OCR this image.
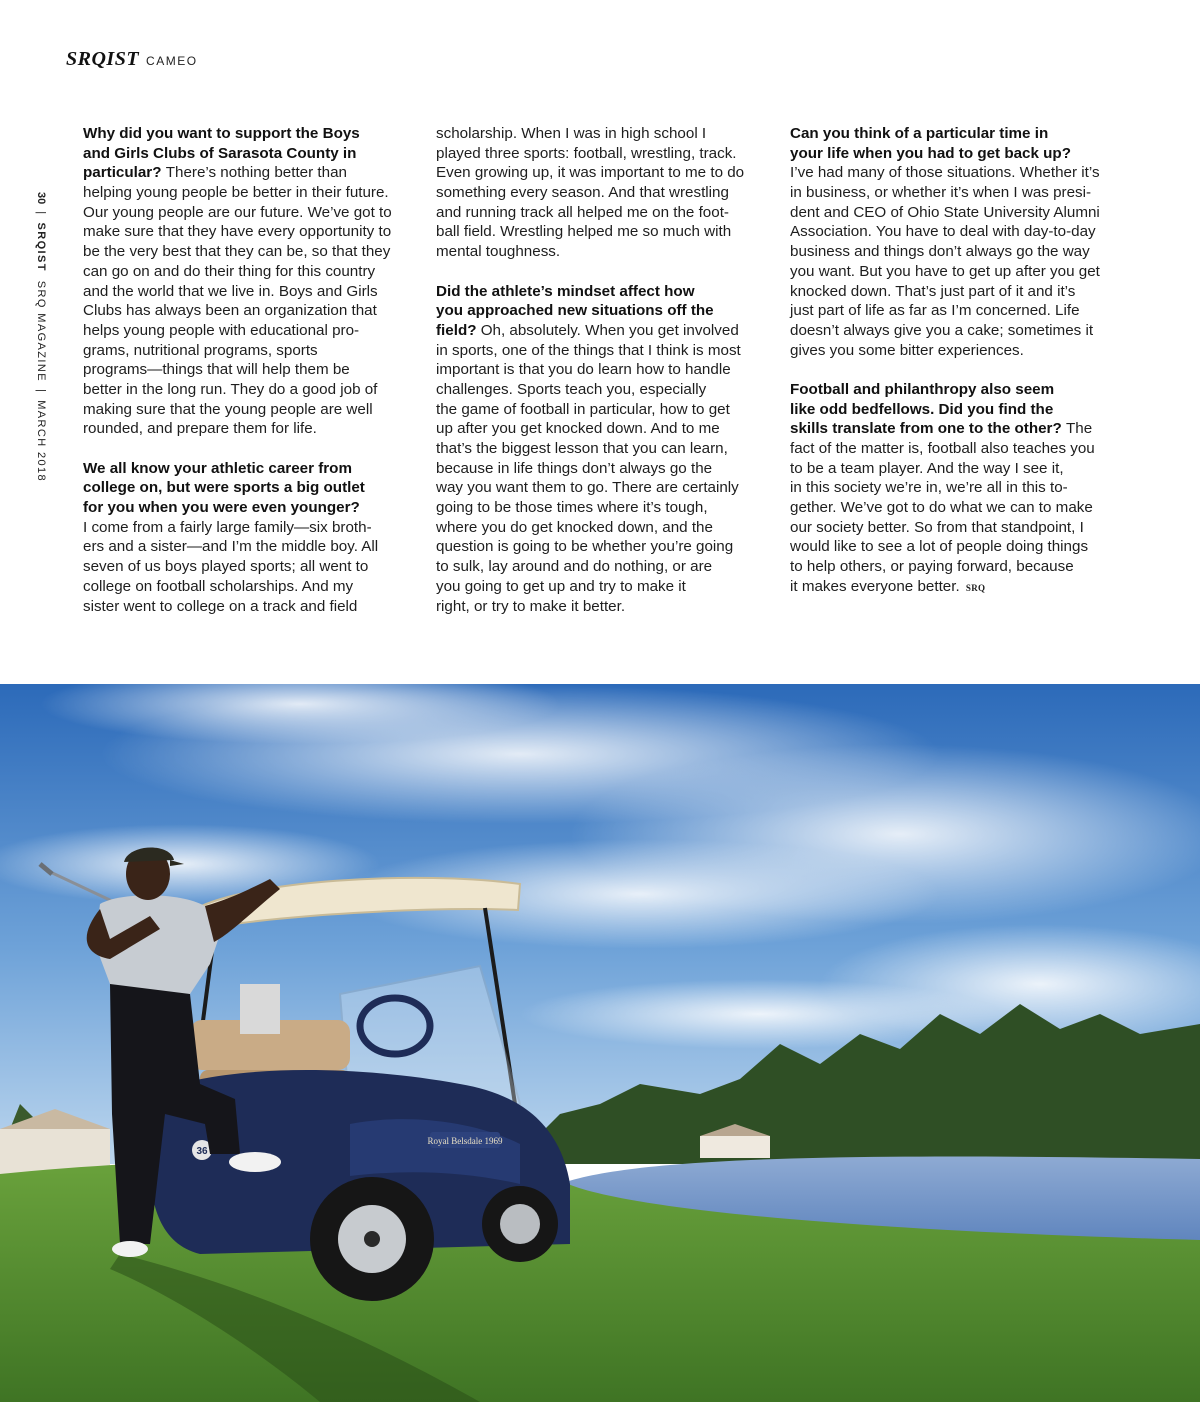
SRQIST CAMEO
30|SRQIST  SRQ MAGAZINE|MARCH 2018
Why did you want to support the Boys
and Girls Clubs of Sarasota County in
particular? There’s nothing better than
helping young people be better in their future.
Our young people are our future. We’ve got to
make sure that they have every opportunity to
be the very best that they can be, so that they
can go on and do their thing for this country
and the world that we live in. Boys and Girls
Clubs has always been an organization that
helps young people with educational pro-
grams, nutritional programs, sports
programs—things that will help them be
better in the long run. They do a good job of
making sure that the young people are well
rounded, and prepare them for life.
We all know your athletic career from
college on, but were sports a big outlet
for you when you were even younger?
I come from a fairly large family—six broth-
ers and a sister—and I’m the middle boy. All
seven of us boys played sports; all went to
college on football scholarships. And my
sister went to college on a track and field
scholarship. When I was in high school I
played three sports: football, wrestling, track.
Even growing up, it was important to me to do
something every season. And that wrestling
and running track all helped me on the foot-
ball field. Wrestling helped me so much with
mental toughness.
Did the athlete’s mindset affect how
you approached new situations off the
field? Oh, absolutely. When you get involved
in sports, one of the things that I think is most
important is that you do learn how to handle
challenges. Sports teach you, especially
the game of football in particular, how to get
up after you get knocked down. And to me
that’s the biggest lesson that you can learn,
because in life things don’t always go the
way you want them to go. There are certainly
going to be those times where it’s tough,
where you do get knocked down, and the
question is going to be whether you’re going
to sulk, lay around and do nothing, or are
you going to get up and try to make it
right, or try to make it better.
Can you think of a particular time in
your life when you had to get back up?
I’ve had many of those situations. Whether it’s
in business, or whether it’s when I was presi-
dent and CEO of Ohio State University Alumni
Association. You have to deal with day-to-day
business and things don’t always go the way
you want. But you have to get up after you get
knocked down. That’s just part of it and it’s
just part of life as far as I’m concerned. Life
doesn’t always give you a cake; sometimes it
gives you some bitter experiences.
Football and philanthropy also seem
like odd bedfellows. Did you find the
skills translate from one to the other? The
fact of the matter is, football also teaches you
to be a team player. And the way I see it,
in this society we’re in, we’re all in this to-
gether. We’ve got to do what we can to make
our society better. So from that standpoint, I
would like to see a lot of people doing things
to help others, or paying forward, because
it makes everyone better. SRQ
Royal Belsdale 1969
36
